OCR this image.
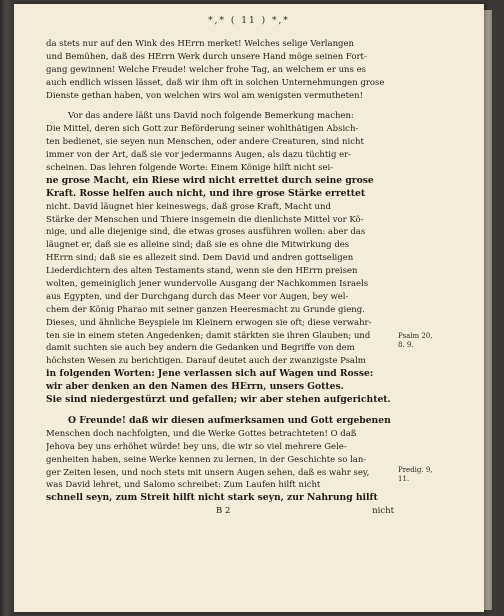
*,* ( 11 ) *,*
da stets nur auf den Wink des HErrn merket! Welches selige Verlangen
und Bemühen, daß des HErrn Werk durch unsere Hand möge seinen Fort-
gang gewinnen! Welche Freude! welcher frohe Tag, an welchem er uns es
auch endlich wissen lässet, daß wir ihm oft in solchen Unternehmungen grose
Dienste gethan haben, von welchen wirs wol am wenigsten vermutheten!
Vor das andere läßt uns David noch folgende Bemerkung machen:
Die Mittel, deren sich Gott zur Beförderung seiner wohlthätigen Absich-
ten bedienet, sie seyen nun Menschen, oder andere Creaturen, sind nicht
immer von der Art, daß sie vor jedermanns Augen, als dazu tüchtig er-
scheinen. Das lehren folgende Worte: Einem Könige hilft nicht sei-
ne grose Macht, ein Riese wird nicht errettet durch seine grose
Kraft. Rosse helfen auch nicht, und ihre grose Stärke errettet
nicht. David läugnet hier keineswegs, daß grose Kraft, Macht und
Stärke der Menschen und Thiere insgemein die dienlichste Mittel vor Kö-
nige, und alle diejenige sind, die etwas groses ausführen wollen: aber das
läugnet er, daß sie es alleine sind; daß sie es ohne die Mitwirkung des
HErrn sind; daß sie es allezeit sind. Dem David und andren gottseligen
Liederdichtern des alten Testaments stand, wenn sie den HErrn preisen
wolten, gemeiniglich jener wundervolle Ausgang der Nachkommen Israels
aus Egypten, und der Durchgang durch das Meer vor Augen, bey wel-
chem der König Pharao mit seiner ganzen Heeresmacht zu Grunde gieng.
Dieses, und ähnliche Beyspiele im Kleinern erwogen sie oft; diese verwahr-
ten sie in einem steten Angedenken; damit stärkten sie ihren Glauben; und
damit suchten sie auch bey andern die Gedanken und Begriffe von dem
höchsten Wesen zu berichtigen. Darauf deutet auch der zwanzigste Psalm
in folgenden Worten: Jene verlassen sich auf Wagen und Rosse:
wir aber denken an den Namen des HErrn, unsers Gottes.
Sie sind niedergestürzt und gefallen; wir aber stehen aufgerichtet.
O Freunde! daß wir diesen aufmerksamen und Gott ergebenen
Menschen doch nachfolgten, und die Werke Gottes betrachteten! O daß
Jehova bey uns erhöhet würde! bey uns, die wir so viel mehrere Gele-
genheiten haben, seine Werke kennen zu lernen, in der Geschichte so lan-
ger Zeiten lesen, und noch stets mit unsern Augen sehen, daß es wahr sey,
was David lehret, und Salomo schreibet: Zum Laufen hilft nicht
schnell seyn, zum Streit hilft nicht stark seyn, zur Nahrung hilft
B 2	nicht
Psalm 20, 8. 9.
Predig. 9, 11.
